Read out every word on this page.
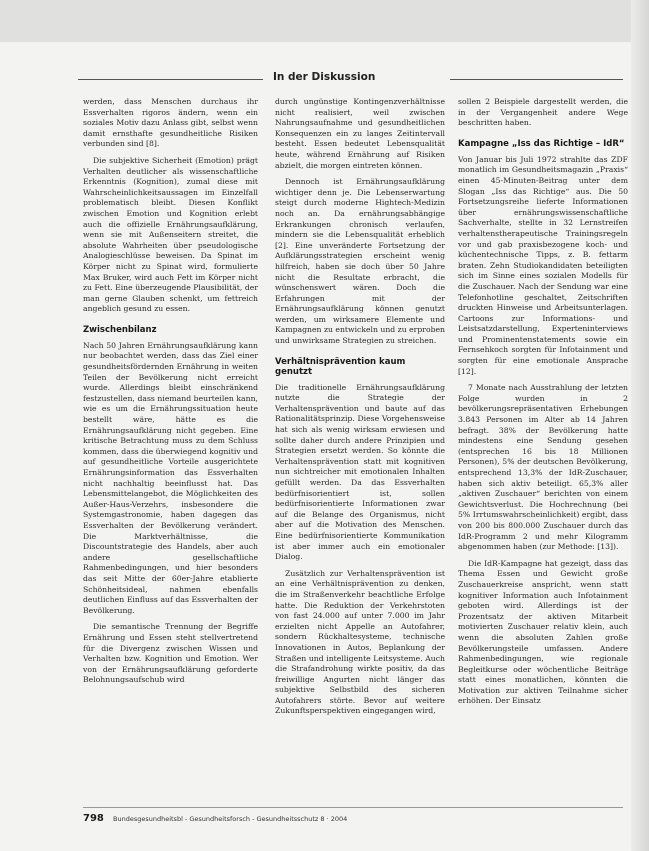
In der Diskussion

werden, dass Menschen durchaus ihr Essverhalten rigoros ändern, wenn ein soziales Motiv dazu Anlass gibt, selbst wenn damit ernsthafte gesundheitliche Risiken verbunden sind [8].

Die subjektive Sicherheit (Emotion) prägt Verhalten deutlicher als wissenschaftliche Erkenntnis (Kognition), zumal diese mit Wahrscheinlichkeitsaussagen im Einzelfall problematisch bleibt. Diesen Konflikt zwischen Emotion und Kognition erlebt auch die offizielle Ernährungsaufklärung, wenn sie mit Außenseitern streitet, die absolute Wahrheiten über pseudologische Analogieschlüsse beweisen. Da Spinat im Körper nicht zu Spinat wird, formulierte Max Bruker, wird auch Fett im Körper nicht zu Fett. Eine überzeugende Plausibilität, der man gerne Glauben schenkt, um fettreich angeblich gesund zu essen.

Zwischenbilanz

Nach 50 Jahren Ernährungsaufklärung kann nur beobachtet werden, dass das Ziel einer gesundheitsfördernden Ernährung in weiten Teilen der Bevölkerung nicht erreicht wurde. Allerdings bleibt einschränkend festzustellen, dass niemand beurteilen kann, wie es um die Ernährungssituation heute bestellt wäre, hätte es die Ernährungsaufklärung nicht gegeben. Eine kritische Betrachtung muss zu dem Schluss kommen, dass die überwiegend kognitiv und auf gesundheitliche Vorteile ausgerichtete Ernährungsinformation das Essverhalten nicht nachhaltig beeinflusst hat. Das Lebensmittelangebot, die Möglichkeiten des Außer-Haus-Verzehrs, insbesondere die Systemgastronomie, haben dagegen das Essverhalten der Bevölkerung verändert. Die Marktverhältnisse, die Discountstrategie des Handels, aber auch andere gesellschaftliche Rahmenbedingungen, und hier besonders das seit Mitte der 60er-Jahre etablierte Schönheitsideal, nahmen ebenfalls deutlichen Einfluss auf das Essverhalten der Bevölkerung.

Die semantische Trennung der Begriffe Ernährung und Essen steht stellvertretend für die Divergenz zwischen Wissen und Verhalten bzw. Kognition und Emotion. Wer von der Ernährungsaufklärung geforderte Belohnungsaufschub wird

durch ungünstige Kontingenzverhältnisse nicht realisiert, weil zwischen Nahrungsaufnahme und gesundheitlichen Konsequenzen ein zu langes Zeitintervall besteht. Essen bedeutet Lebensqualität heute, während Ernährung auf Risiken abzielt, die morgen eintreten können.

Dennoch ist Ernährungsaufklärung wichtiger denn je. Die Lebenserwartung steigt durch moderne Hightech-Medizin noch an. Da ernährungsabhängige Erkrankungen chronisch verlaufen, mindern sie die Lebensqualität erheblich [2]. Eine unveränderte Fortsetzung der Aufklärungsstrategien erscheint wenig hilfreich, haben sie doch über 50 Jahre nicht die Resultate erbracht, die wünschenswert wären. Doch die Erfahrungen mit der Ernährungsaufklärung können genutzt werden, um wirksamere Elemente und Kampagnen zu entwickeln und zu erproben und unwirksame Strategien zu streichen.

Verhältnisprävention kaum genutzt

Die traditionelle Ernährungsaufklärung nutzte die Strategie der Verhaltensprävention und baute auf das Rationalitätsprinzip. Diese Vorgehensweise hat sich als wenig wirksam erwiesen und sollte daher durch andere Prinzipien und Strategien ersetzt werden. So könnte die Verhaltensprävention statt mit kognitiven nun sichtreicher mit emotionalen Inhalten gefüllt werden. Da das Essverhalten bedürfnisorientiert ist, sollen bedürfnisorientierte Informationen zwar auf die Belange des Organismus, nicht aber auf die Motivation des Menschen. Eine bedürfnisorientierte Kommunikation ist aber immer auch ein emotionaler Dialog.

Zusätzlich zur Verhaltensprävention ist an eine Verhältnisprävention zu denken, die im Straßenverkehr beachtliche Erfolge hatte. Die Reduktion der Verkehrstoten von fast 24.000 auf unter 7.000 im Jahr erzielten nicht Appelle an Autofahrer, sondern Rückhaltesysteme, technische Innovationen in Autos, Beplankung der Straßen und intelligente Leitsysteme. Auch die Strafandrohung wirkte positiv, da das freiwillige Angurten nicht länger das subjektive Selbstbild des sicheren Autofahrers störte. Bevor auf weitere Zukunftsperspektiven eingegangen wird,

sollen 2 Beispiele dargestellt werden, die in der Vergangenheit andere Wege beschritten haben.

Kampagne „Iss das Richtige – IdR“

Von Januar bis Juli 1972 strahlte das ZDF monatlich im Gesundheitsmagazin „Praxis“ einen 45-Minuten-Beitrag unter dem Slogan „Iss das Richtige“ aus. Die 50 Fortsetzungsreihe lieferte Informationen über ernährungswissenschaftliche Sachverhalte, stellte in 32 Lernstreifen verhaltenstherapeutische Trainingsregeln vor und gab praxisbezogene koch- und küchentechnische Tipps, z. B. fettarm braten. Zehn Studiokandidaten beteiligten sich im Sinne eines sozialen Modells für die Zuschauer. Nach der Sendung war eine Telefonhotline geschaltet, Zeitschriften druckten Hinweise und Arbeitsunterlagen. Cartoons zur Informations- und Leistsatzdarstellung, Experteninterviews und Prominentenstatements sowie ein Fernsehkoch sorgten für Infotainment und sorgten für eine emotionale Ansprache [12].

7 Monate nach Ausstrahlung der letzten Folge wurden in 2 bevölkerungsrepräsentativen Erhebungen 3.843 Personen im Alter ab 14 Jahren befragt. 38% der Bevölkerung hatte mindestens eine Sendung gesehen (entsprechen 16 bis 18 Millionen Personen), 5% der deutschen Bevölkerung, entsprechend 13,3% der IdR-Zuschauer, haben sich aktiv beteiligt. 65,3% aller „aktiven Zuschauer“ berichten von einem Gewichtsverlust. Die Hochrechnung (bei 5% Irrtumswahrscheinlichkeit) ergibt, dass von 200 bis 800.000 Zuschauer durch das IdR-Programm 2 und mehr Kilogramm abgenommen haben (zur Methode: [13]).

Die IdR-Kampagne hat gezeigt, dass das Thema Essen und Gewicht große Zuschauerkreise anspricht, wenn statt kognitiver Information auch Infotainment geboten wird. Allerdings ist der Prozentsatz der aktiven Mitarbeit motivierten Zuschauer relativ klein, auch wenn die absoluten Zahlen große Bevölkerungsteile umfassen. Andere Rahmenbedingungen, wie regionale Begleitkurse oder wöchentliche Beiträge statt eines monatlichen, könnten die Motivation zur aktiven Teilnahme sicher erhöhen. Der Einsatz

798 Bundesgesundheitsbl - Gesundheitsforsch - Gesundheitsschutz 8 · 2004
